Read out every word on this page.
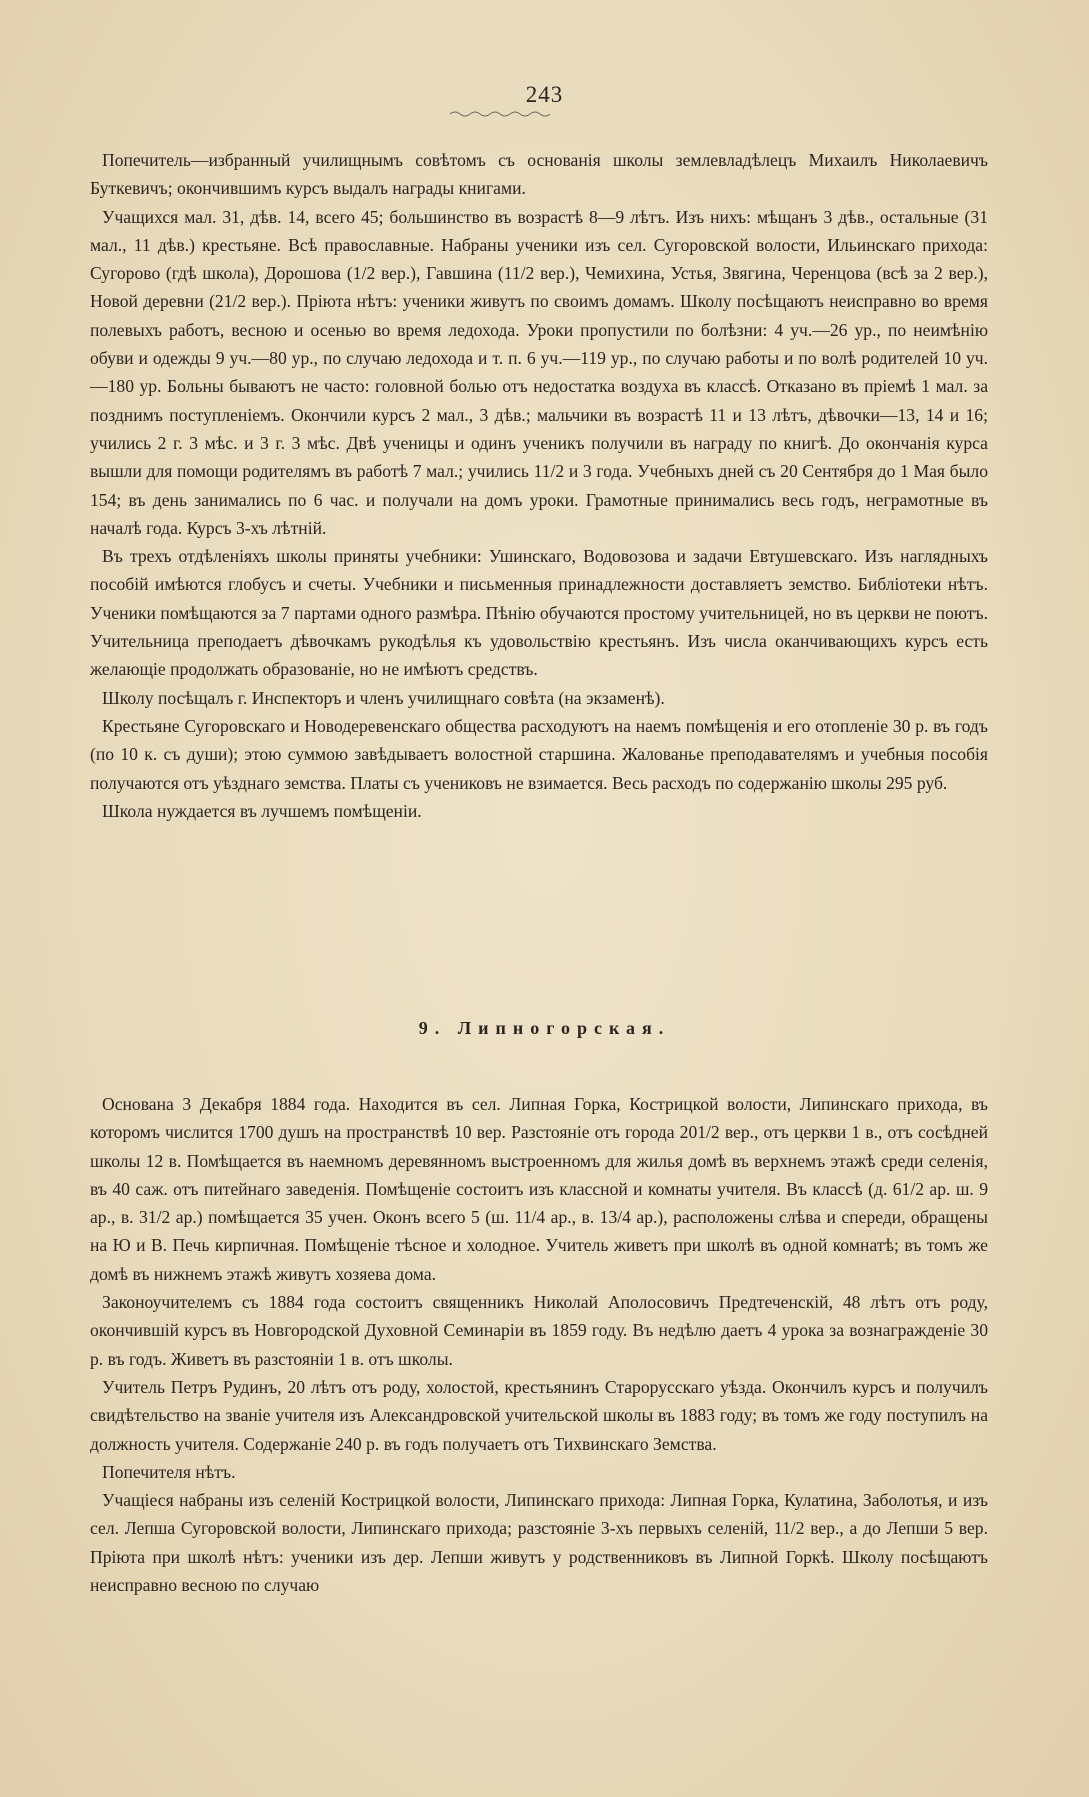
243

Попечитель—избранный училищнымъ совѣтомъ съ основанія школы землевладѣлецъ Михаилъ Николаевичъ Буткевичъ; окончившимъ курсъ выдалъ награды книгами.

Учащихся мал. 31, дѣв. 14, всего 45; большинство въ возрастѣ 8—9 лѣтъ. Изъ нихъ: мѣщанъ 3 дѣв., остальные (31 мал., 11 дѣв.) крестьяне. Всѣ православные. Набраны ученики изъ сел. Сугоровской волости, Ильинскаго прихода: Сугорово (гдѣ школа), Дорошова (1/2 вер.), Гавшина (11/2 вер.), Чемихина, Устья, Звягина, Черенцова (всѣ за 2 вер.), Новой деревни (21/2 вер.). Пріюта нѣтъ: ученики живутъ по своимъ домамъ. Школу посѣщаютъ неисправно во время полевыхъ работъ, весною и осенью во время ледохода. Уроки пропустили по болѣзни: 4 уч.—26 ур., по неимѣнію обуви и одежды 9 уч.—80 ур., по случаю ледохода и т. п. 6 уч.—119 ур., по случаю работы и по волѣ родителей 10 уч.—180 ур. Больны бываютъ не часто: головной болью отъ недостатка воздуха въ классѣ. Отказано въ пріемѣ 1 мал. за позднимъ поступленіемъ. Окончили курсъ 2 мал., 3 дѣв.; мальчики въ возрастѣ 11 и 13 лѣтъ, дѣвочки—13, 14 и 16; учились 2 г. 3 мѣс. и 3 г. 3 мѣс. Двѣ ученицы и одинъ ученикъ получили въ награду по книгѣ. До окончанія курса вышли для помощи родителямъ въ работѣ 7 мал.; учились 11/2 и 3 года. Учебныхъ дней съ 20 Сентября до 1 Мая было 154; въ день занимались по 6 час. и получали на домъ уроки. Грамотные принимались весь годъ, неграмотные въ началѣ года. Курсъ 3-хъ лѣтній.

Въ трехъ отдѣленіяхъ школы приняты учебники: Ушинскаго, Водовозова и задачи Евтушевскаго. Изъ наглядныхъ пособій имѣются глобусъ и счеты. Учебники и письменныя принадлежности доставляетъ земство. Библіотеки нѣтъ. Ученики помѣщаются за 7 партами одного размѣра. Пѣнію обучаются простому учительницей, но въ церкви не поютъ. Учительница преподаетъ дѣвочкамъ рукодѣлья къ удовольствію крестьянъ. Изъ числа оканчивающихъ курсъ есть желающіе продолжать образованіе, но не имѣютъ средствъ.

Школу посѣщалъ г. Инспекторъ и членъ училищнаго совѣта (на экзаменѣ).

Крестьяне Сугоровскаго и Новодеревенскаго общества расходуютъ на наемъ помѣщенія и его отопленіе 30 р. въ годъ (по 10 к. съ души); этою суммою завѣдываетъ волостной старшина. Жалованье преподавателямъ и учебныя пособія получаются отъ уѣзднаго земства. Платы съ учениковъ не взимается. Весь расходъ по содержанію школы 295 руб.

Школа нуждается въ лучшемъ помѣщеніи.

9. Липногорская.

Основана 3 Декабря 1884 года. Находится въ сел. Липная Горка, Кострицкой волости, Липинскаго прихода, въ которомъ числится 1700 душъ на пространствѣ 10 вер. Разстояніе отъ города 201/2 вер., отъ церкви 1 в., отъ сосѣдней школы 12 в. Помѣщается въ наемномъ деревянномъ выстроенномъ для жилья домѣ въ верхнемъ этажѣ среди селенія, въ 40 саж. отъ питейнаго заведенія. Помѣщеніе состоитъ изъ классной и комнаты учителя. Въ классѣ (д. 61/2 ар. ш. 9 ар., в. 31/2 ар.) помѣщается 35 учен. Оконъ всего 5 (ш. 11/4 ар., в. 13/4 ар.), расположены слѣва и спереди, обращены на Ю и В. Печь кирпичная. Помѣщеніе тѣсное и холодное. Учитель живетъ при школѣ въ одной комнатѣ; въ томъ же домѣ въ нижнемъ этажѣ живутъ хозяева дома.

Законоучителемъ съ 1884 года состоитъ священникъ Николай Аполосовичъ Предтеченскій, 48 лѣтъ отъ роду, окончившій курсъ въ Новгородской Духовной Семинаріи въ 1859 году. Въ недѣлю даетъ 4 урока за вознагражденіе 30 р. въ годъ. Живетъ въ разстояніи 1 в. отъ школы.

Учитель Петръ Рудинъ, 20 лѣтъ отъ роду, холостой, крестьянинъ Старорусскаго уѣзда. Окончилъ курсъ и получилъ свидѣтельство на званіе учителя изъ Александровской учительской школы въ 1883 году; въ томъ же году поступилъ на должность учителя. Содержаніе 240 р. въ годъ получаетъ отъ Тихвинскаго Земства.

Попечителя нѣтъ.

Учащіеся набраны изъ селеній Кострицкой волости, Липинскаго прихода: Липная Горка, Кулатина, Заболотья, и изъ сел. Лепша Сугоровской волости, Липинскаго прихода; разстояніе 3-хъ первыхъ селеній, 11/2 вер., а до Лепши 5 вер. Пріюта при школѣ нѣтъ: ученики изъ дер. Лепши живутъ у родственниковъ въ Липной Горкѣ. Школу посѣщаютъ неисправно весною по случаю
